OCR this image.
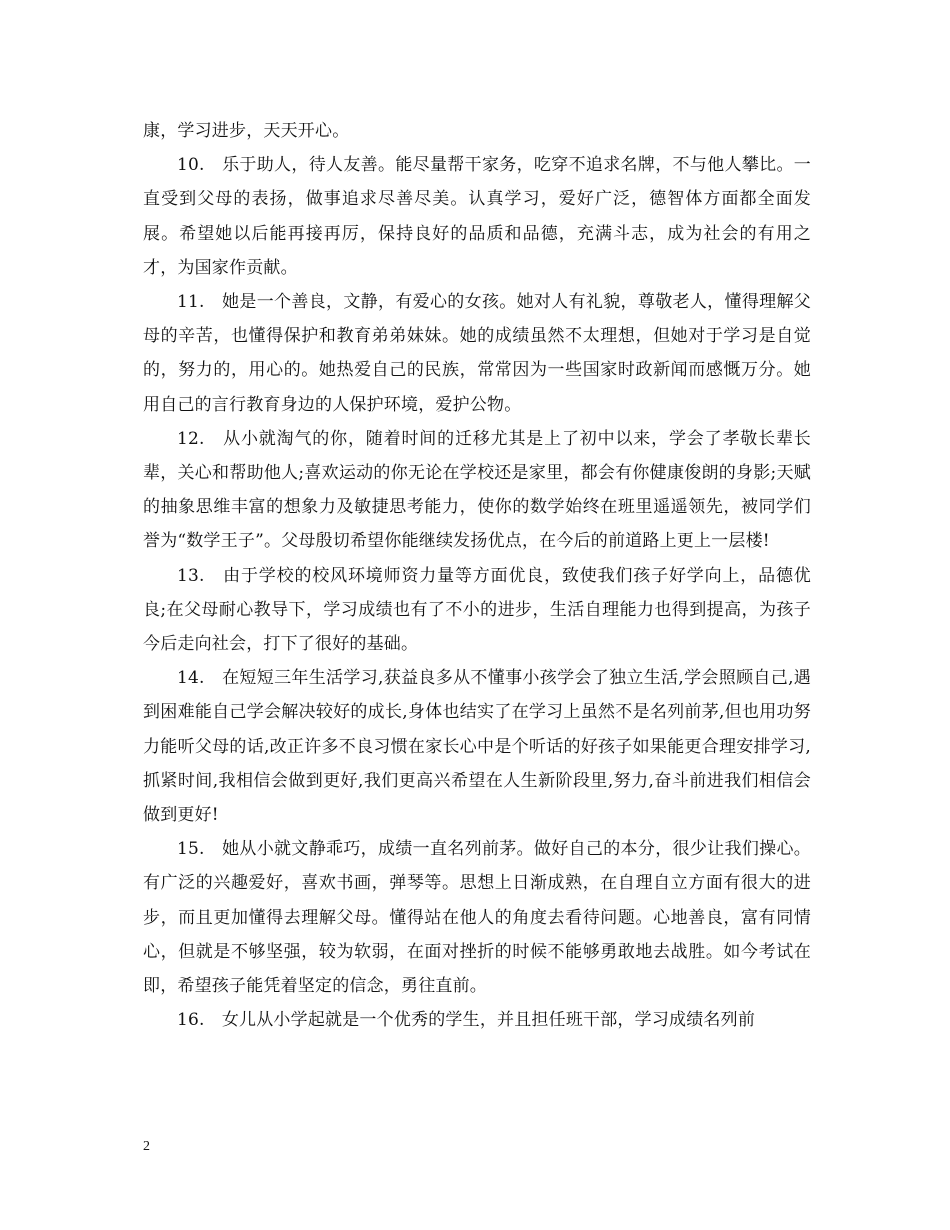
康，学习进步，天天开心。

10.　乐于助人，待人友善。能尽量帮干家务，吃穿不追求名牌，不与他人攀比。一直受到父母的表扬，做事追求尽善尽美。认真学习，爱好广泛，德智体方面都全面发展。希望她以后能再接再厉，保持良好的品质和品德，充满斗志，成为社会的有用之才，为国家作贡献。

11.　她是一个善良，文静，有爱心的女孩。她对人有礼貌，尊敬老人，懂得理解父母的辛苦，也懂得保护和教育弟弟妹妹。她的成绩虽然不太理想，但她对于学习是自觉的，努力的，用心的。她热爱自己的民族，常常因为一些国家时政新闻而感慨万分。她用自己的言行教育身边的人保护环境，爱护公物。

12.　从小就淘气的你，随着时间的迁移尤其是上了初中以来，学会了孝敬长辈长辈，关心和帮助他人;喜欢运动的你无论在学校还是家里，都会有你健康俊朗的身影;天赋的抽象思维丰富的想象力及敏捷思考能力，使你的数学始终在班里遥遥领先，被同学们誉为“数学王子”。父母殷切希望你能继续发扬优点，在今后的前道路上更上一层楼!

13.　由于学校的校风环境师资力量等方面优良，致使我们孩子好学向上，品德优良;在父母耐心教导下，学习成绩也有了不小的进步，生活自理能力也得到提高，为孩子今后走向社会，打下了很好的基础。

14.　在短短三年生活学习,获益良多从不懂事小孩学会了独立生活,学会照顾自己,遇到困难能自己学会解决较好的成长,身体也结实了在学习上虽然不是名列前茅,但也用功努力能听父母的话,改正许多不良习惯在家长心中是个听话的好孩子如果能更合理安排学习,抓紧时间,我相信会做到更好,我们更高兴希望在人生新阶段里,努力,奋斗前进我们相信会做到更好!

15.　她从小就文静乖巧，成绩一直名列前茅。做好自己的本分，很少让我们操心。有广泛的兴趣爱好，喜欢书画，弹琴等。思想上日渐成熟，在自理自立方面有很大的进步，而且更加懂得去理解父母。懂得站在他人的角度去看待问题。心地善良，富有同情心，但就是不够坚强，较为软弱，在面对挫折的时候不能够勇敢地去战胜。如今考试在即，希望孩子能凭着坚定的信念，勇往直前。

16.　女儿从小学起就是一个优秀的学生，并且担任班干部，学习成绩名列前

2
